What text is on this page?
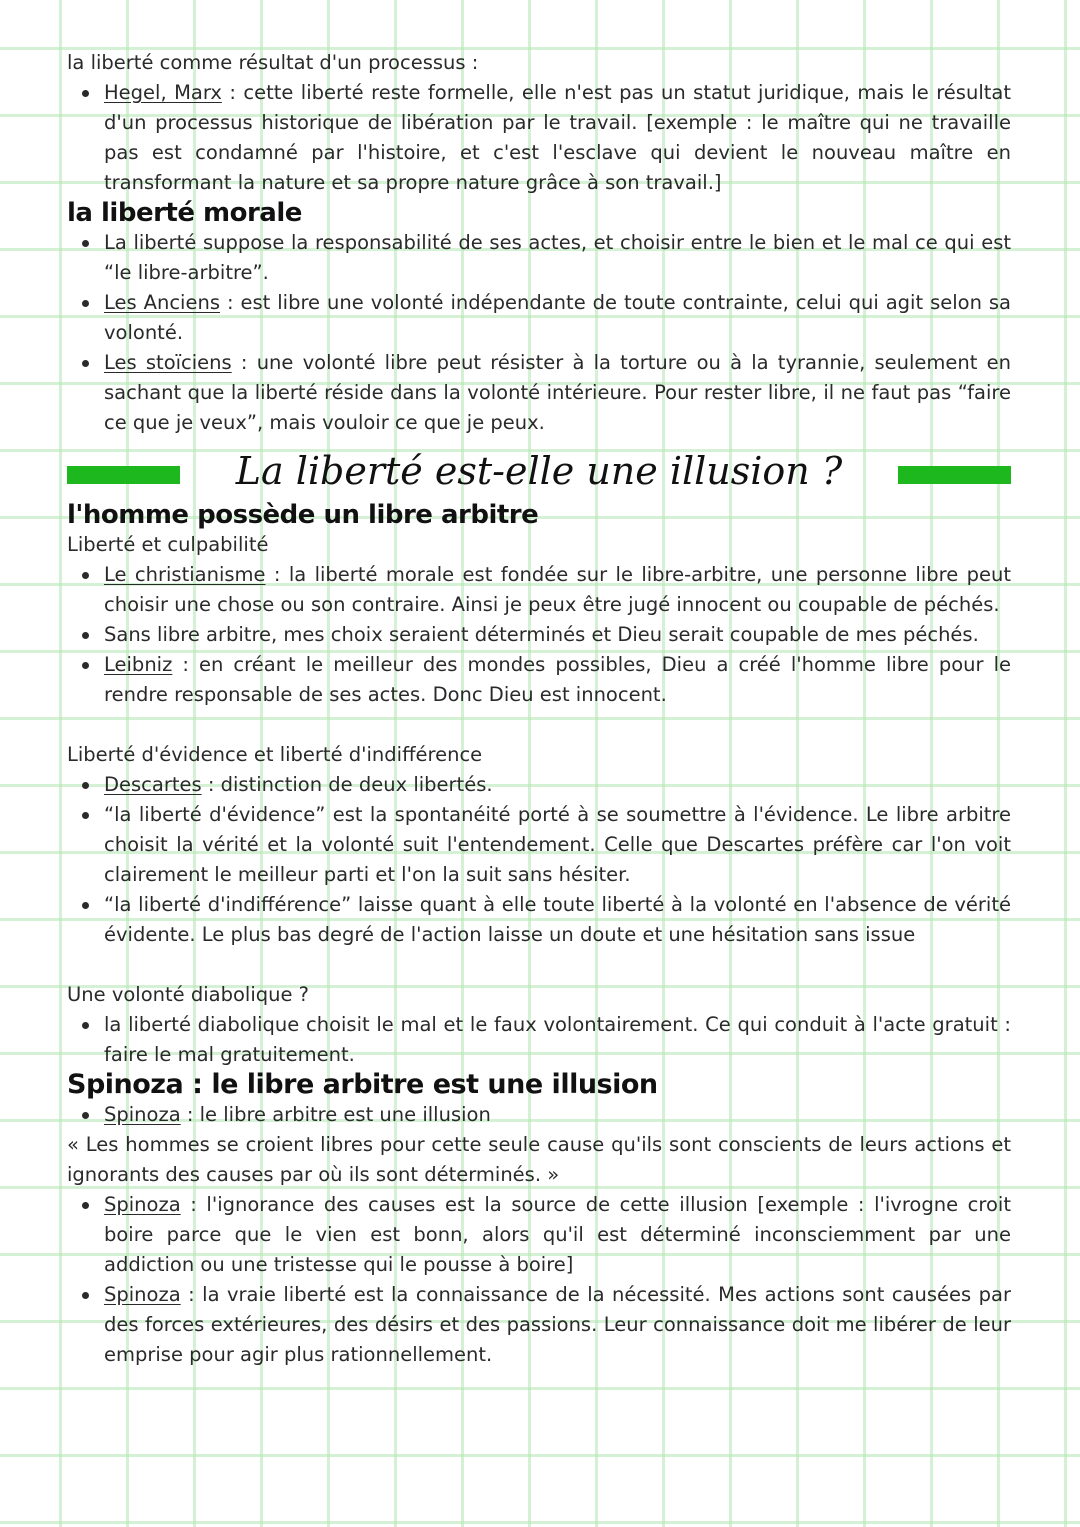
la liberté comme résultat d'un processus :

Hegel, Marx : cette liberté reste formelle, elle n'est pas un statut juridique, mais le résultat d'un processus historique de libération par le travail. [exemple : le maître qui ne travaille pas est condamné par l'histoire, et c'est l'esclave qui devient le nouveau maître en transformant la nature et sa propre nature grâce à son travail.]
la liberté morale
La liberté suppose la responsabilité de ses actes, et choisir entre le bien et le mal ce qui est “le libre-arbitre”.
Les Anciens : est libre une volonté indépendante de toute contrainte, celui qui agit selon sa volonté.
Les stoïciens : une volonté libre peut résister à la torture ou à la tyrannie, seulement en sachant que la liberté réside dans la volonté intérieure. Pour rester libre, il ne faut pas “faire ce que je veux”, mais vouloir ce que je peux.
La liberté est-elle une illusion ?
l'homme possède un libre arbitre

Liberté et culpabilité

Le christianisme : la liberté morale est fondée sur le libre-arbitre, une personne libre peut choisir une chose ou son contraire. Ainsi je peux être jugé innocent ou coupable de péchés.
Sans libre arbitre, mes choix seraient déterminés et Dieu serait coupable de mes péchés.
Leibniz : en créant le meilleur des mondes possibles, Dieu a créé l'homme libre pour le rendre responsable de ses actes. Donc Dieu est innocent.

Liberté d'évidence et liberté d'indifférence

Descartes : distinction de deux libertés.
“la liberté d'évidence” est la spontanéité porté à se soumettre à l'évidence. Le libre arbitre choisit la vérité et la volonté suit l'entendement. Celle que Descartes préfère car l'on voit clairement le meilleur parti et l'on la suit sans hésiter.
“la liberté d'indifférence” laisse quant à elle toute liberté à la volonté en l'absence de vérité évidente. Le plus bas degré de l'action laisse un doute et une hésitation sans issue

Une volonté diabolique ?

la liberté diabolique choisit le mal et le faux volontairement. Ce qui conduit à l'acte gratuit : faire le mal gratuitement.
Spinoza : le libre arbitre est une illusion
Spinoza : le libre arbitre est une illusion

« Les hommes se croient libres pour cette seule cause qu'ils sont conscients de leurs actions et ignorants des causes par où ils sont déterminés. »

Spinoza : l'ignorance des causes est la source de cette illusion [exemple : l'ivrogne croit boire parce que le vien est bonn, alors qu'il est déterminé inconsciemment par une addiction ou une tristesse qui le pousse à boire]
Spinoza : la vraie liberté est la connaissance de la nécessité. Mes actions sont causées par des forces extérieures, des désirs et des passions. Leur connaissance doit me libérer de leur emprise pour agir plus rationnellement.
